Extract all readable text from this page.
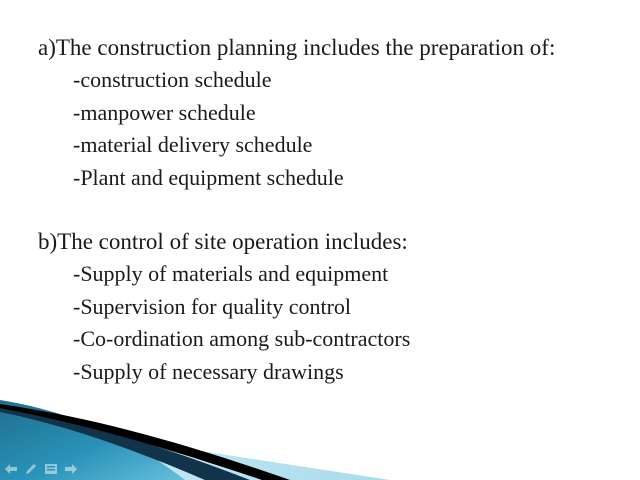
a)The construction planning includes the preparation of:

-construction schedule
-manpower schedule
-material delivery schedule
-Plant and equipment schedule

b)The control of site operation includes:

-Supply of materials and equipment
-Supervision for quality control
-Co-ordination among sub-contractors
-Supply of necessary drawings
